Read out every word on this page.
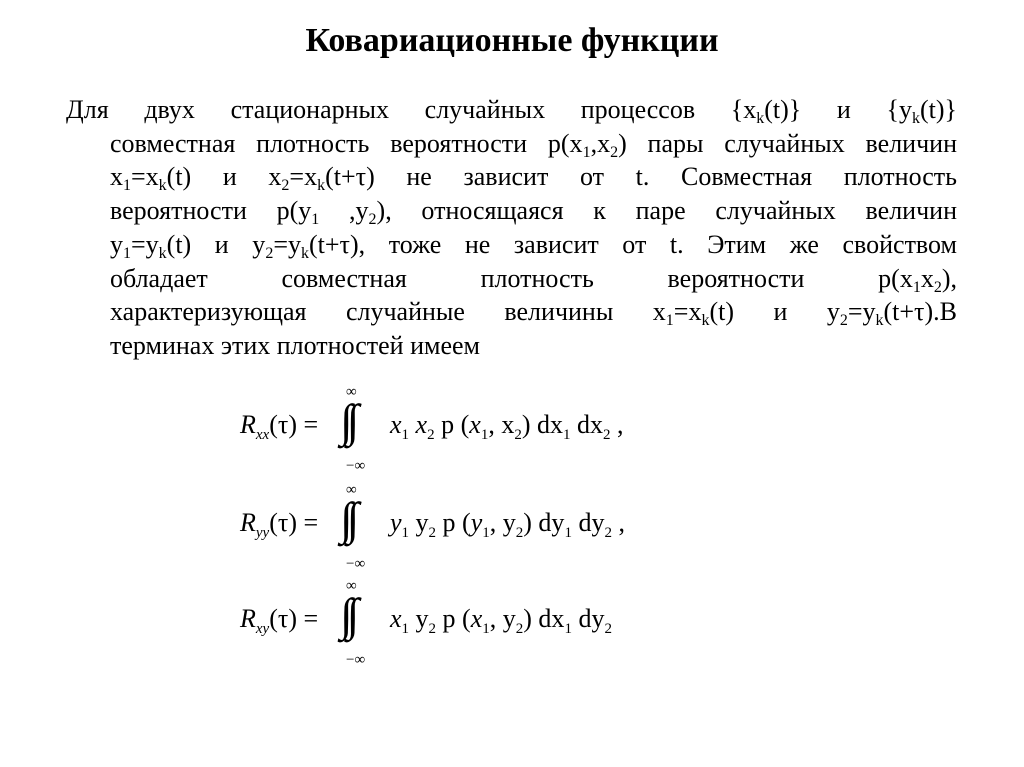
Ковариационные функции
Для двух стационарных случайных процессов $\{x_k(t)\}$ и $\{y_k(t)\}$
совместная плотность вероятности $p(x_1,x_2)$ пары случайных величин
$x_1=x_k(t)$ и $x_2=x_k(t+\tau)$ не зависит от t. Совместная плотность
вероятности $p(y_1$ $,y_2$), относящаяся к паре случайных величин
$y_1=y_k(t)$ и $y_2=y_k(t+\tau)$, тоже не зависит от t. Этим же свойством
обладает совместная плотность вероятности $p(x_1x_2)$,
характеризующая случайные величины $x_1=x_k(t)$ и $y_2=y_k(t+\tau).В$
терминах этих плотностей имеем
$R_{xx}(\tau)$ =
∞
∫∫
−∞
$x_1$ $x_2$ p ($x_1$, $x_2$) $dx_1$ $dx_2$ ,
$R_{yy}(\tau)$ =
∞
∫∫
−∞
$y_1$ $y_2$ p ($y_1$, $y_2$) $dy_1$ $dy_2$ ,
$R_{xy}(\tau)$ =
∞
∫∫
−∞
$x_1$ $y_2$ p ($x_1$, $y_2$) $dx_1$ $dy_2$
